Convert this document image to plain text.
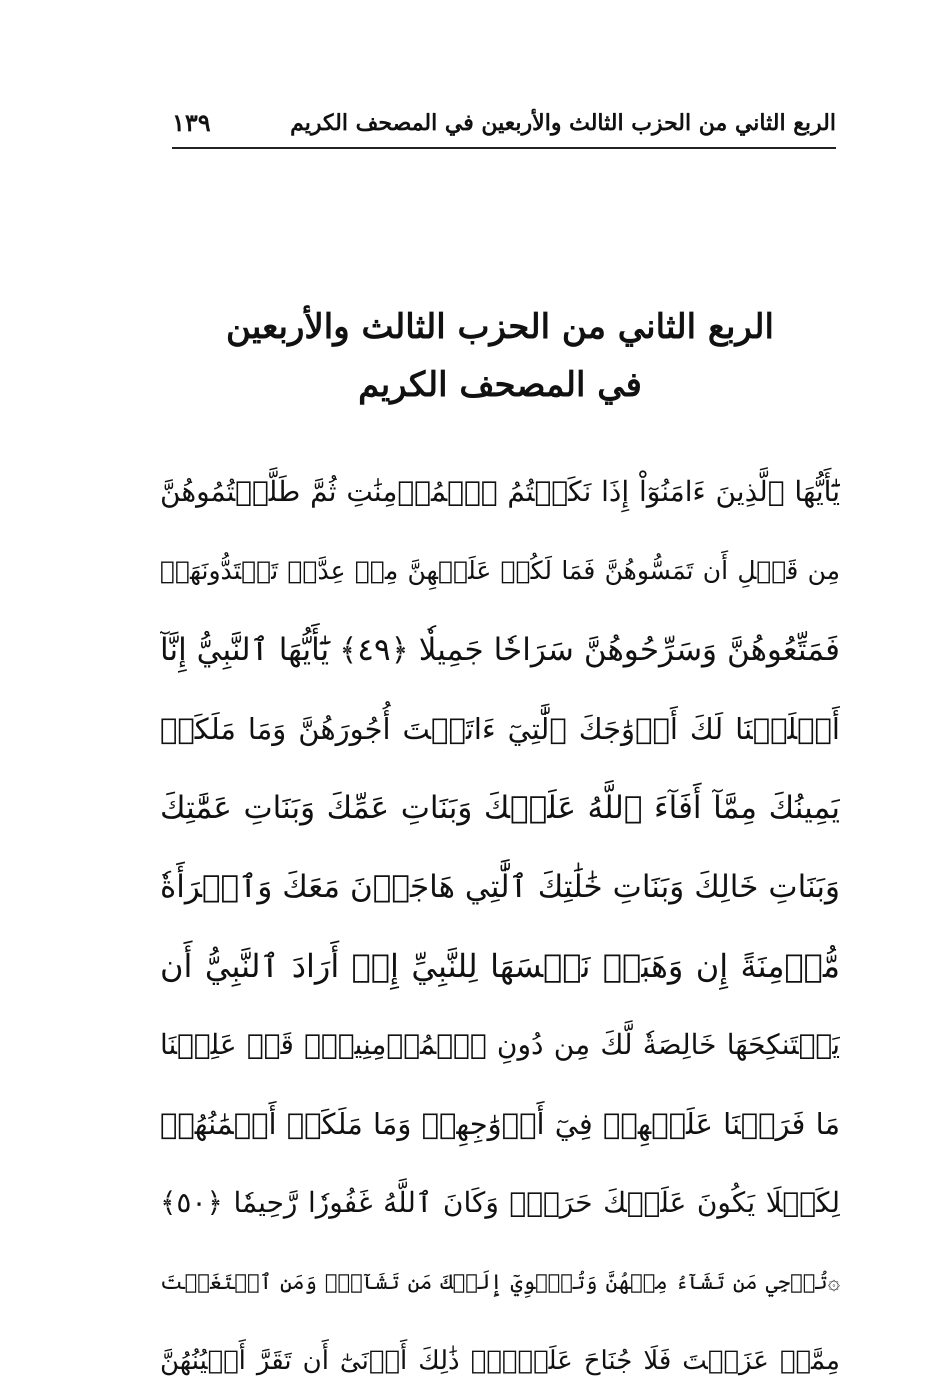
الربع الثاني من الحزب الثالث والأربعين في المصحف الكريم
١٣٩
الربع الثاني من الحزب الثالث والأربعين
في المصحف الكريم
يَٰٓأَيُّهَا ٱلَّذِينَ ءَامَنُوٓاْ إِذَا نَكَحۡتُمُ ٱلۡمُؤۡمِنَٰتِ ثُمَّ طَلَّقۡتُمُوهُنَّ
مِن قَبۡلِ أَن تَمَسُّوهُنَّ فَمَا لَكُمۡ عَلَيۡهِنَّ مِنۡ عِدَّةٖ تَعۡتَدُّونَهَاۖ
فَمَتِّعُوهُنَّ وَسَرِّحُوهُنَّ سَرَاحٗا جَمِيلٗا ﴿٤٩﴾ يَٰٓأَيُّهَا ٱلنَّبِيُّ إِنَّآ
أَحۡلَلۡنَا لَكَ أَزۡوَٰجَكَ ٱلَّٰتِيٓ ءَاتَيۡتَ أُجُورَهُنَّ وَمَا مَلَكَتۡ
يَمِينُكَ مِمَّآ أَفَآءَ ٱللَّهُ عَلَيۡكَ وَبَنَاتِ عَمِّكَ وَبَنَاتِ عَمَّٰتِكَ
وَبَنَاتِ خَالِكَ وَبَنَاتِ خَٰلَٰتِكَ ٱلَّٰتِي هَاجَرۡنَ مَعَكَ وَٱمۡرَأَةٗ
مُّؤۡمِنَةً إِن وَهَبَتۡ نَفۡسَهَا لِلنَّبِيِّ إِنۡ أَرَادَ ٱلنَّبِيُّ أَن
يَسۡتَنكِحَهَا خَالِصَةٗ لَّكَ مِن دُونِ ٱلۡمُؤۡمِنِينَۗ قَدۡ عَلِمۡنَا
مَا فَرَضۡنَا عَلَيۡهِمۡ فِيٓ أَزۡوَٰجِهِمۡ وَمَا مَلَكَتۡ أَيۡمَٰنُهُمۡ
لِكَيۡلَا يَكُونَ عَلَيۡكَ حَرَجٞۗ وَكَانَ ٱللَّهُ غَفُورٗا رَّحِيمٗا ﴿٥٠﴾
۞تُرۡجِي مَن تَشَآءُ مِنۡهُنَّ وَتُـٔۡوِيٓ إِلَيۡكَ مَن تَشَآءُۖ وَمَنِ ٱبۡتَغَيۡتَ
مِمَّنۡ عَزَلۡتَ فَلَا جُنَاحَ عَلَيۡكَۚ ذَٰلِكَ أَدۡنَىٰٓ أَن تَقَرَّ أَعۡيُنُهُنَّ
